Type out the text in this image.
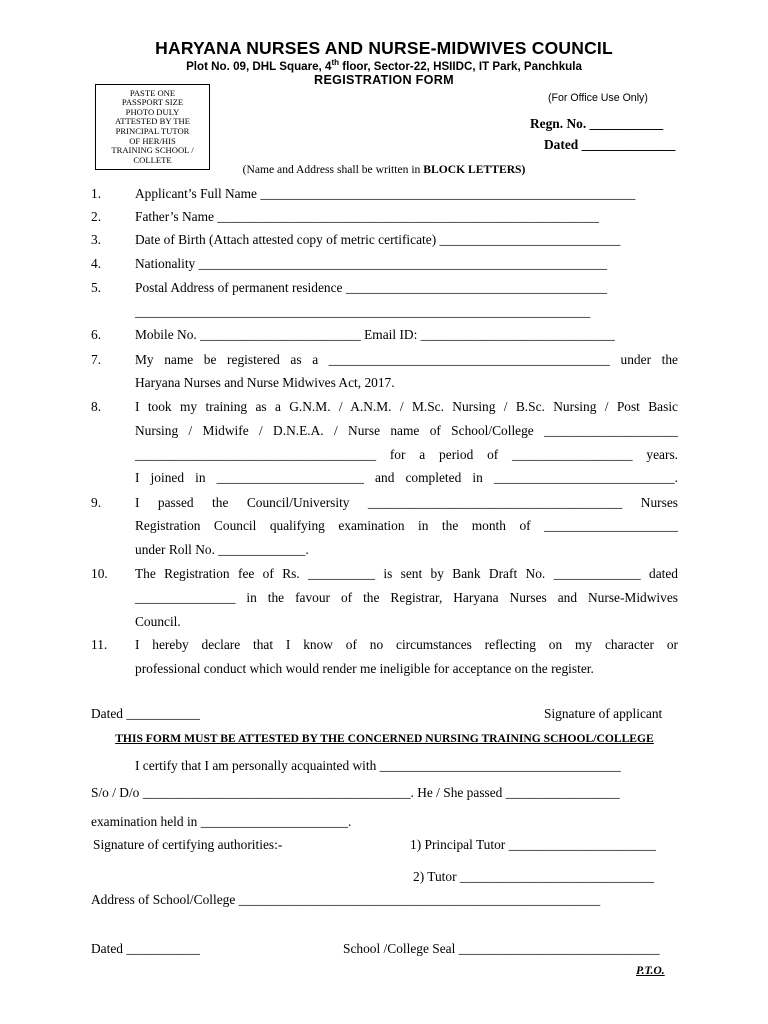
HARYANA NURSES AND NURSE-MIDWIVES COUNCIL
Plot No. 09, DHL Square, 4th floor, Sector-22, HSIIDC, IT Park, Panchkula
REGISTRATION FORM
PASTE ONE
PASSPORT SIZE
PHOTO DULY
ATTESTED BY THE
PRINCIPAL TUTOR
OF HER/HIS
TRAINING SCHOOL /
COLLETE
(For Office Use Only)
Regn. No. ___________
Dated ______________
(Name and Address shall be written in BLOCK LETTERS)
1.	Applicant’s Full Name ________________________________________________________
2.	Father’s Name _________________________________________________________
3.	Date of Birth (Attach attested copy of metric certificate) ___________________________
4.	Nationality _____________________________________________________________
5.	Postal Address of permanent residence _______________________________________
____________________________________________________________________
6.	Mobile No. ________________________ Email ID: _____________________________
7.	My name be registered as a __________________________________________ under the
Haryana Nurses and Nurse Midwives Act, 2017.
8.	I took my training as a G.N.M. / A.N.M. / M.Sc. Nursing / B.Sc. Nursing / Post Basic
Nursing / Midwife / D.N.E.A. / Nurse name of School/College ____________________
____________________________________ for a period of __________________ years.
I joined in ______________________ and completed in ___________________________.
9.	I passed the Council/University ______________________________________ Nurses
Registration Council qualifying examination in the month of ____________________
under Roll No. _____________.
10. The Registration fee of Rs. __________ is sent by Bank Draft No. _____________ dated
_______________ in the favour of the Registrar, Haryana Nurses and Nurse-Midwives
Council.
11. I hereby declare that I know of no circumstances reflecting on my character or
professional conduct which would render me ineligible for acceptance on the register.
Dated ___________	Signature of applicant
THIS FORM MUST BE ATTESTED BY THE CONCERNED NURSING TRAINING SCHOOL/COLLEGE
I certify that I am personally acquainted with ____________________________________
S/o / D/o ________________________________________. He / She passed _________________
examination held in ______________________.
Signature of certifying authorities:-	1) Principal Tutor ______________________
2) Tutor _____________________________
Address of School/College ______________________________________________________
Dated ___________	School /College Seal ______________________________
P.T.O.
